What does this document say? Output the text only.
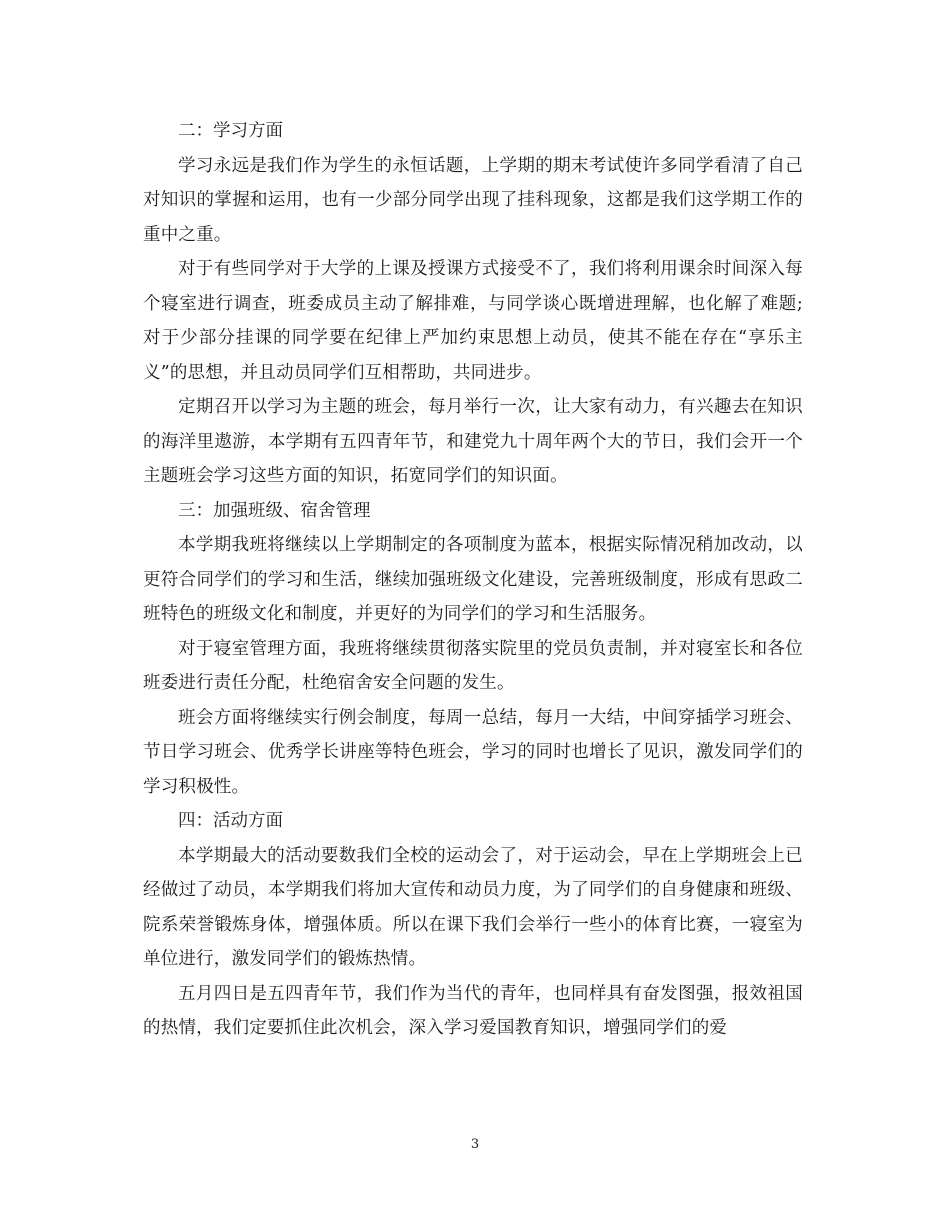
二：学习方面

学习永远是我们作为学生的永恒话题，上学期的期末考试使许多同学看清了自己对知识的掌握和运用，也有一少部分同学出现了挂科现象，这都是我们这学期工作的重中之重。

对于有些同学对于大学的上课及授课方式接受不了，我们将利用课余时间深入每个寝室进行调查，班委成员主动了解排难，与同学谈心既增进理解，也化解了难题;对于少部分挂课的同学要在纪律上严加约束思想上动员，使其不能在存在“享乐主义”的思想，并且动员同学们互相帮助，共同进步。

定期召开以学习为主题的班会，每月举行一次，让大家有动力，有兴趣去在知识的海洋里遨游，本学期有五四青年节，和建党九十周年两个大的节日，我们会开一个主题班会学习这些方面的知识，拓宽同学们的知识面。

三：加强班级、宿舍管理

本学期我班将继续以上学期制定的各项制度为蓝本，根据实际情况稍加改动，以更符合同学们的学习和生活，继续加强班级文化建设，完善班级制度，形成有思政二班特色的班级文化和制度，并更好的为同学们的学习和生活服务。

对于寝室管理方面，我班将继续贯彻落实院里的党员负责制，并对寝室长和各位班委进行责任分配，杜绝宿舍安全问题的发生。

班会方面将继续实行例会制度，每周一总结，每月一大结，中间穿插学习班会、节日学习班会、优秀学长讲座等特色班会，学习的同时也增长了见识，激发同学们的学习积极性。

四：活动方面

本学期最大的活动要数我们全校的运动会了，对于运动会，早在上学期班会上已经做过了动员，本学期我们将加大宣传和动员力度，为了同学们的自身健康和班级、院系荣誉锻炼身体，增强体质。所以在课下我们会举行一些小的体育比赛，一寝室为单位进行，激发同学们的锻炼热情。

五月四日是五四青年节，我们作为当代的青年，也同样具有奋发图强，报效祖国的热情，我们定要抓住此次机会，深入学习爱国教育知识，增强同学们的爱

3
